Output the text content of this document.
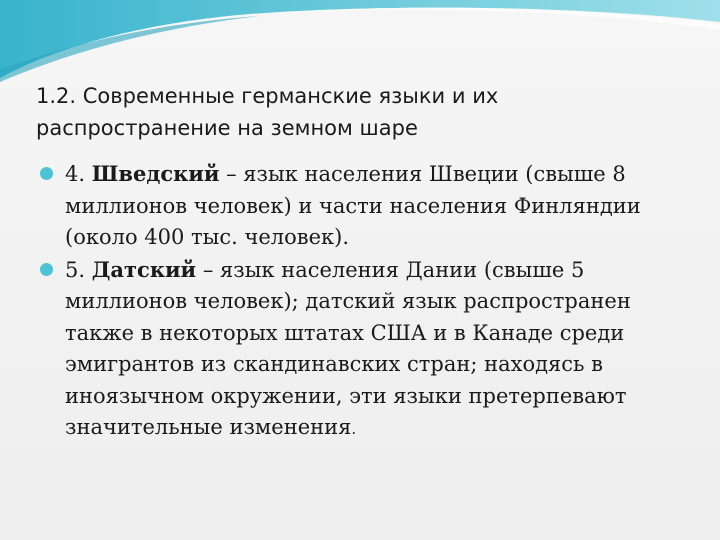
1.2. Современные германские языки и их распространение на земном шаре
4. Шведский – язык населения Швеции (свыше 8 миллионов человек) и части населения Финляндии (около 400 тыс. человек).
5. Датский – язык населения Дании (свыше 5 миллионов человек); датский язык распространен также в некоторых штатах США и в Канаде среди эмигрантов из скандинавских стран; находясь в иноязычном окружении, эти языки претерпевают значительные изменения.
